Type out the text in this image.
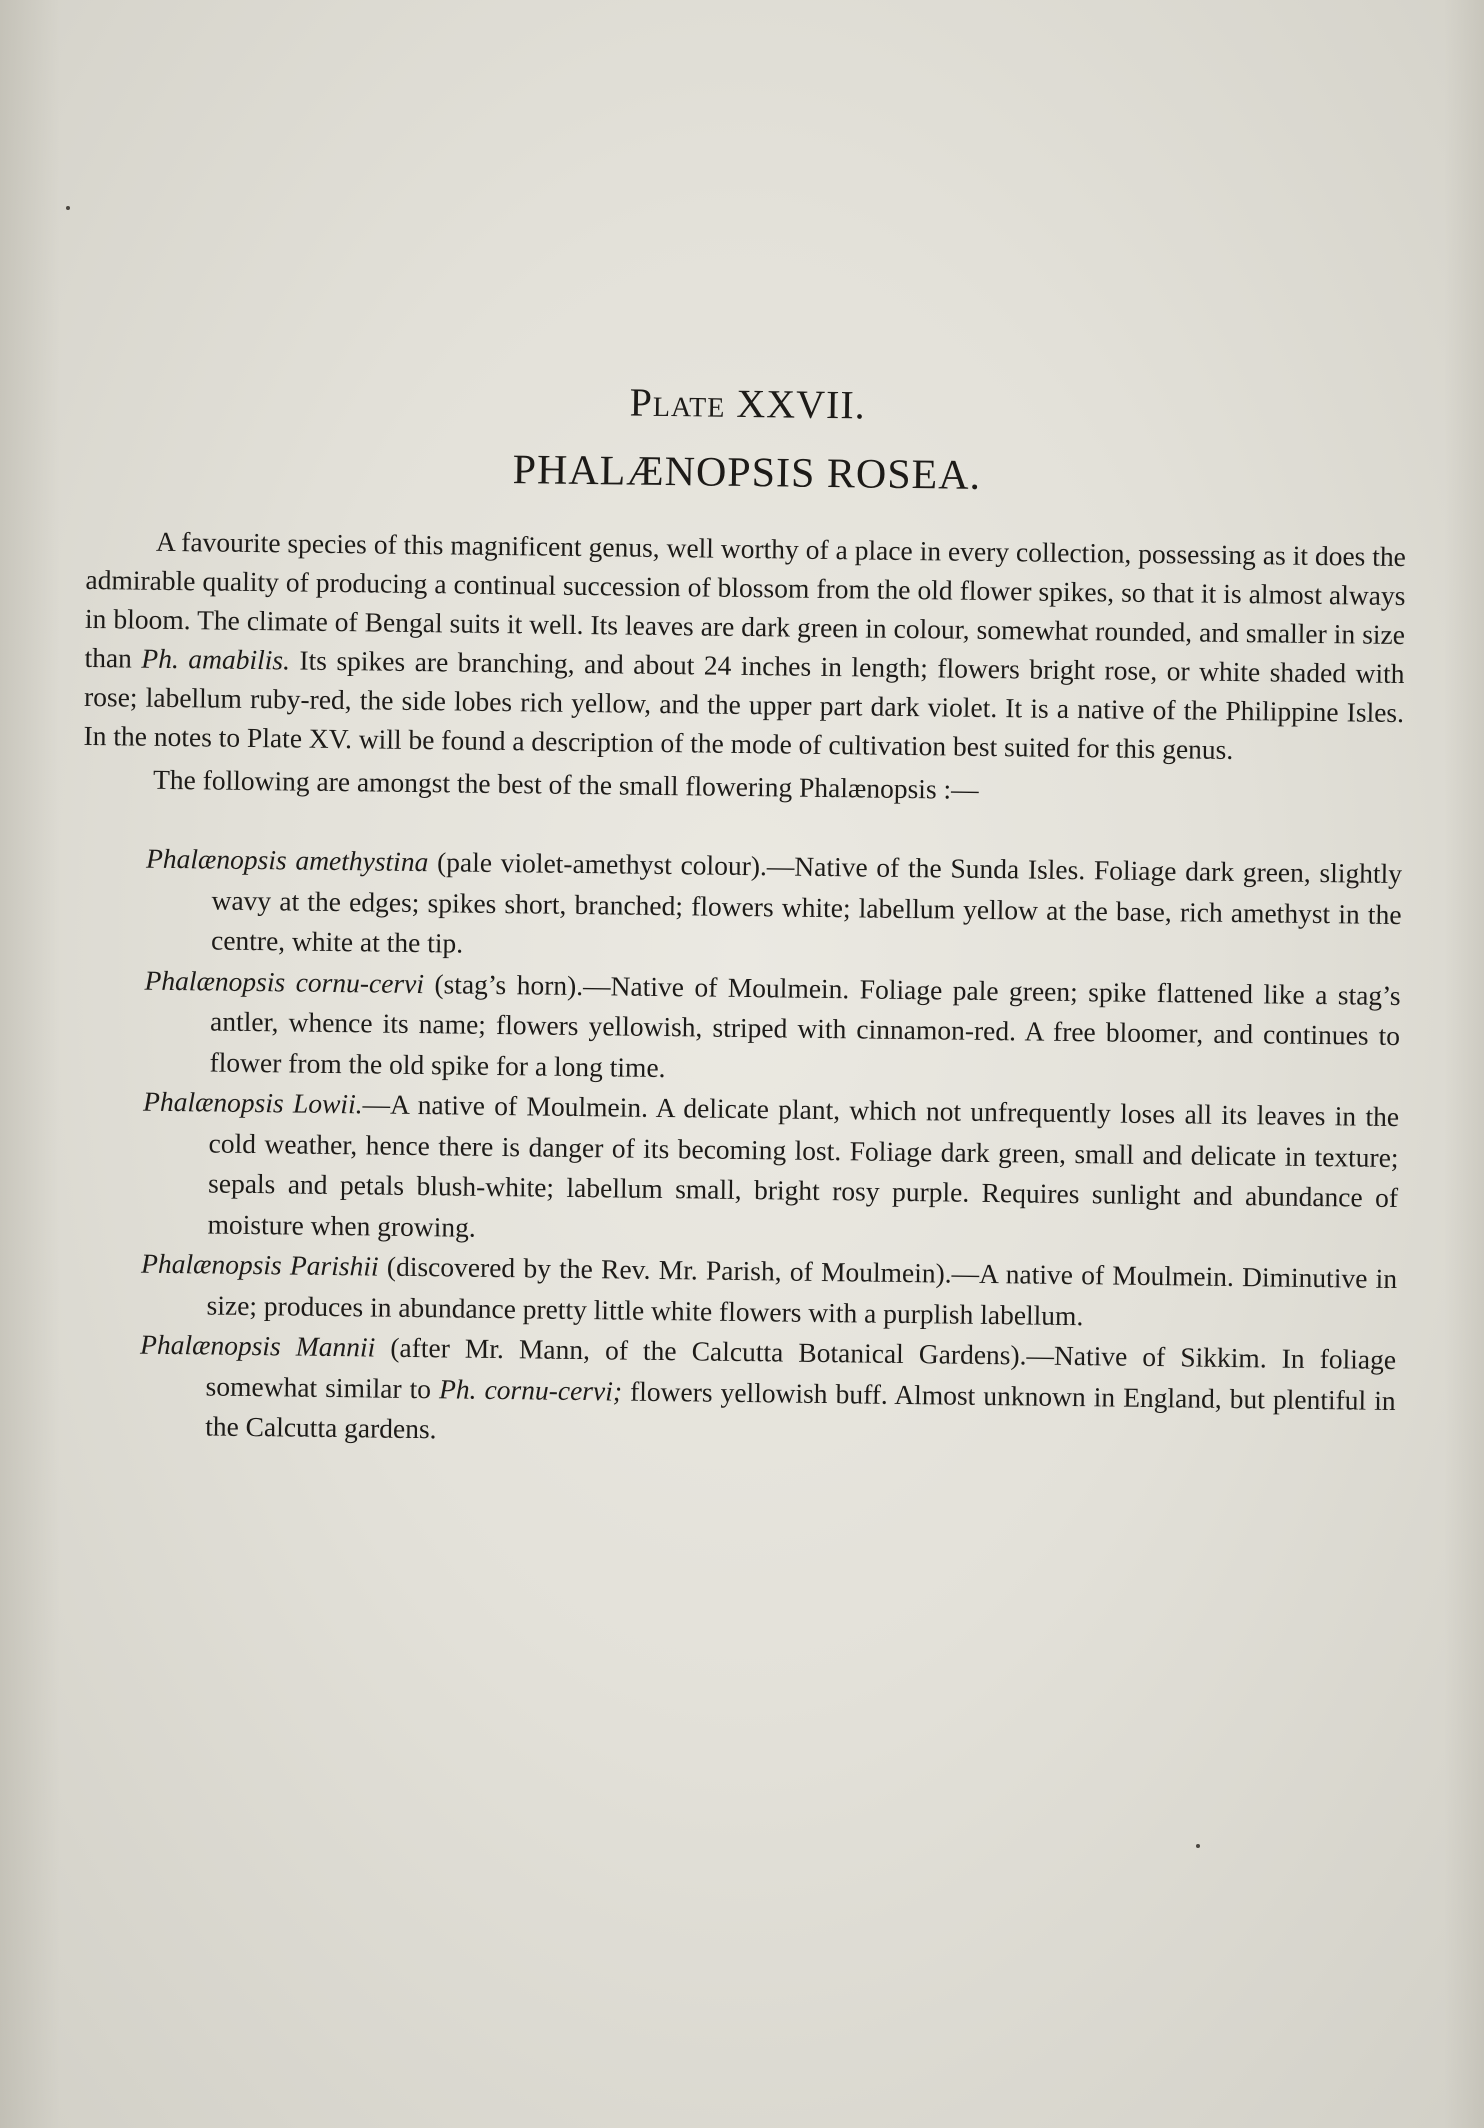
Plate XXVII.
PHALÆNOPSIS ROSEA.

A favourite species of this magnificent genus, well worthy of a place in every collection, possessing as it does the admirable quality of producing a continual succession of blossom from the old flower spikes, so that it is almost always in bloom. The climate of Bengal suits it well. Its leaves are dark green in colour, somewhat rounded, and smaller in size than Ph. amabilis. Its spikes are branching, and about 24 inches in length; flowers bright rose, or white shaded with rose; labellum ruby-red, the side lobes rich yellow, and the upper part dark violet. It is a native of the Philippine Isles. In the notes to Plate XV. will be found a description of the mode of cultivation best suited for this genus.

The following are amongst the best of the small flowering Phalænopsis :—

Phalænopsis amethystina (pale violet-amethyst colour).—Native of the Sunda Isles. Foliage dark green, slightly wavy at the edges; spikes short, branched; flowers white; labellum yellow at the base, rich amethyst in the centre, white at the tip.

Phalænopsis cornu-cervi (stag’s horn).—Native of Moulmein. Foliage pale green; spike flattened like a stag’s antler, whence its name; flowers yellowish, striped with cinnamon-red. A free bloomer, and continues to flower from the old spike for a long time.

Phalænopsis Lowii.—A native of Moulmein. A delicate plant, which not unfrequently loses all its leaves in the cold weather, hence there is danger of its becoming lost. Foliage dark green, small and delicate in texture; sepals and petals blush-white; labellum small, bright rosy purple. Requires sunlight and abundance of moisture when growing.

Phalænopsis Parishii (discovered by the Rev. Mr. Parish, of Moulmein).—A native of Moulmein. Diminutive in size; produces in abundance pretty little white flowers with a purplish labellum.

Phalænopsis Mannii (after Mr. Mann, of the Calcutta Botanical Gardens).—Native of Sikkim. In foliage somewhat similar to Ph. cornu-cervi; flowers yellowish buff. Almost unknown in England, but plentiful in the Calcutta gardens.
